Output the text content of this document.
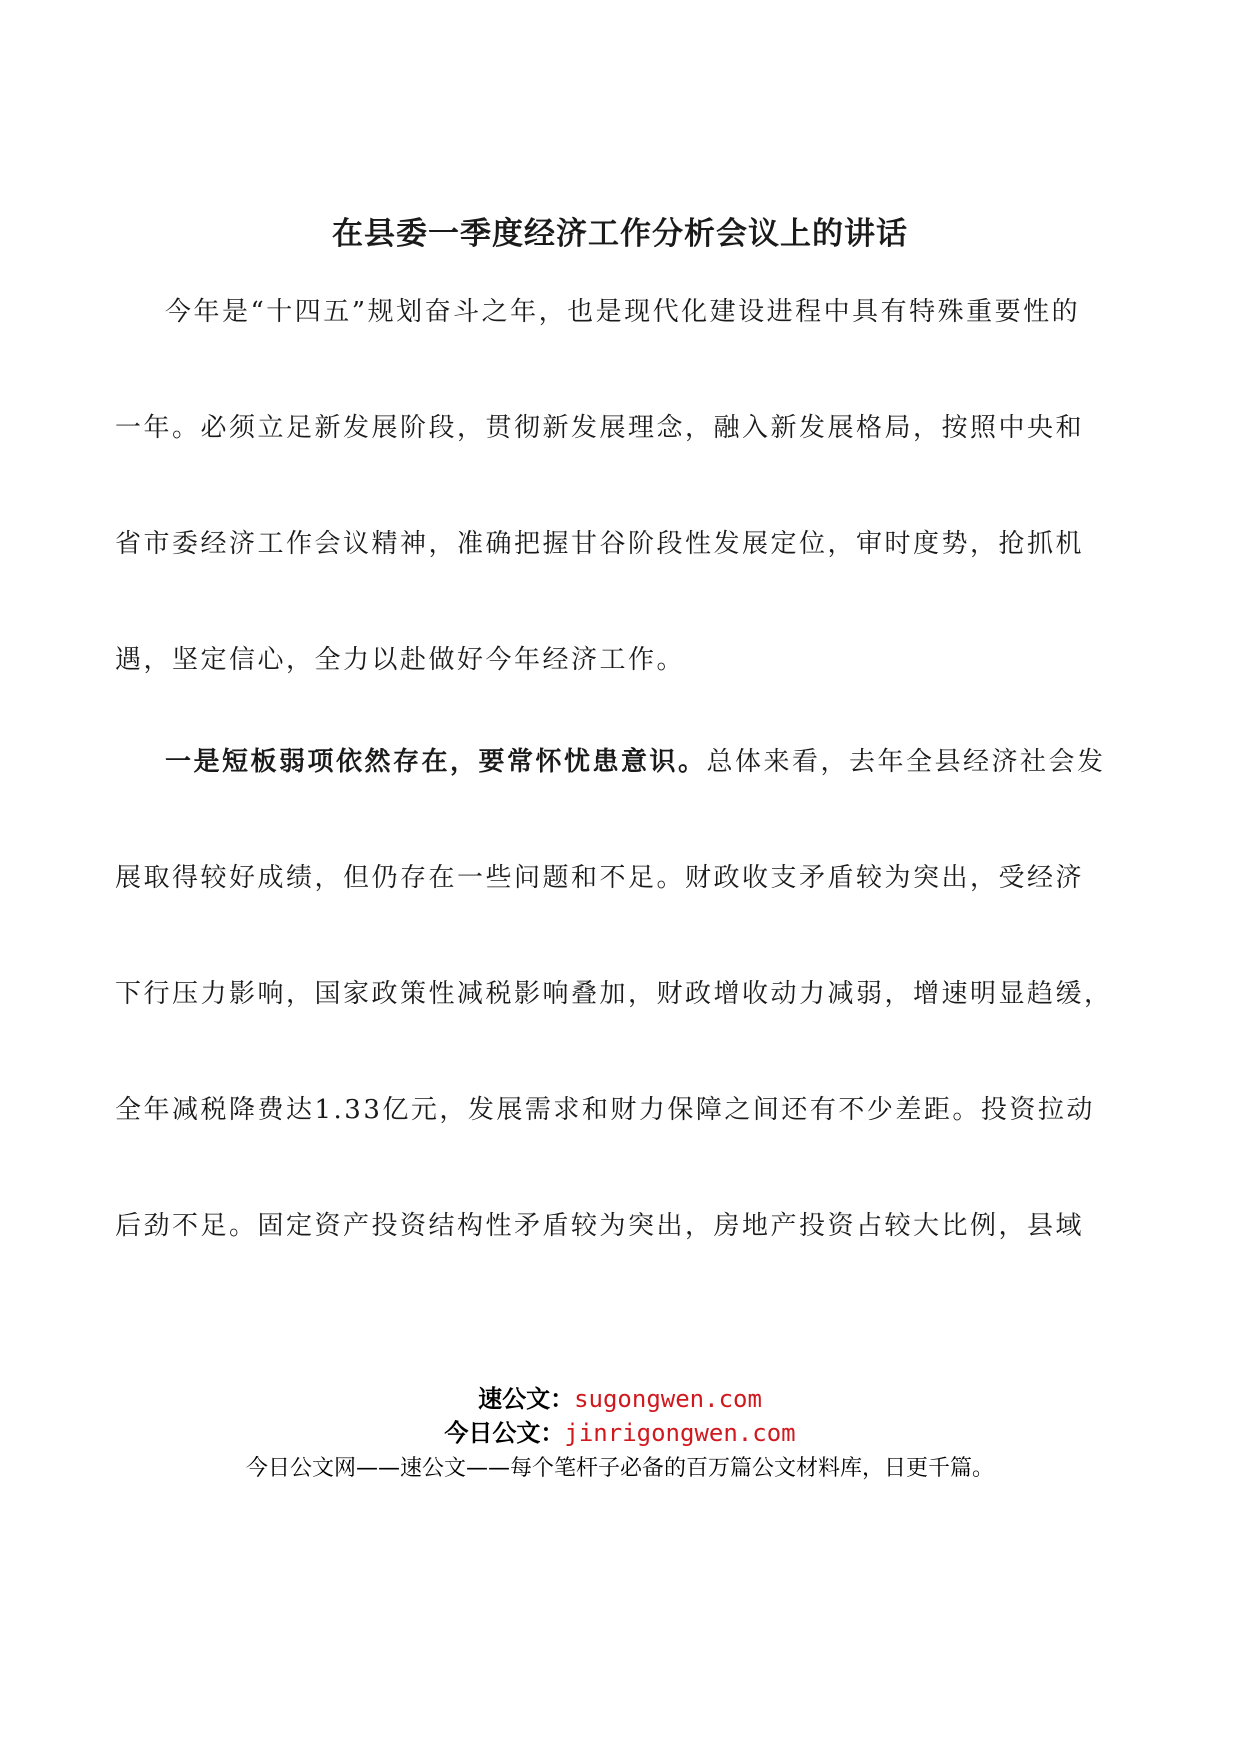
在县委一季度经济工作分析会议上的讲话
今年是“十四五”规划奋斗之年，也是现代化建设进程中具有特殊重要性的
一年。必须立足新发展阶段，贯彻新发展理念，融入新发展格局，按照中央和
省市委经济工作会议精神，准确把握甘谷阶段性发展定位，审时度势，抢抓机
遇，坚定信心，全力以赴做好今年经济工作。
一是短板弱项依然存在，要常怀忧患意识。总体来看，去年全县经济社会发
展取得较好成绩，但仍存在一些问题和不足。财政收支矛盾较为突出，受经济
下行压力影响，国家政策性减税影响叠加，财政增收动力减弱，增速明显趋缓，
全年减税降费达1.33亿元，发展需求和财力保障之间还有不少差距。投资拉动
后劲不足。固定资产投资结构性矛盾较为突出，房地产投资占较大比例，县域
速公文：sugongwen.com
今日公文：jinrigongwen.com
今日公文网——速公文——每个笔杆子必备的百万篇公文材料库，日更千篇。
